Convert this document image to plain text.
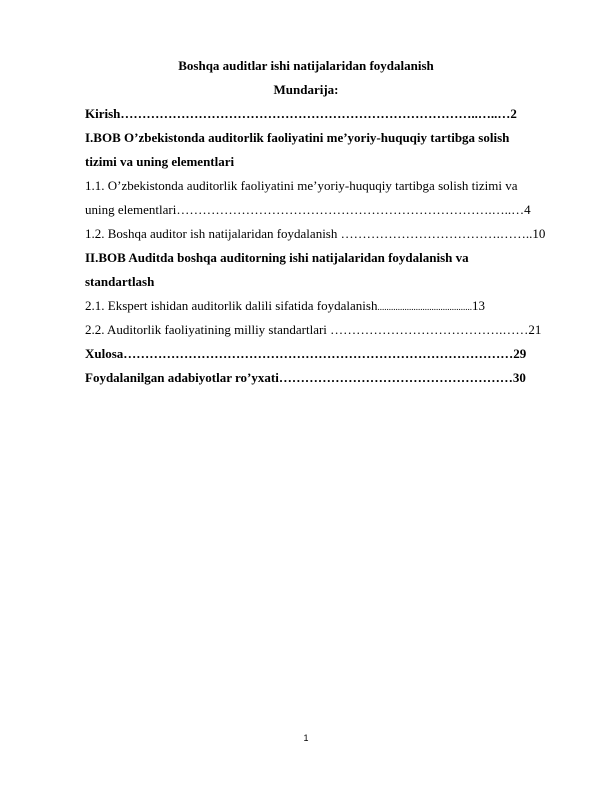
Boshqa auditlar ishi natijalaridan foydalanish
Mundarija:
Kirish………………………………………………………………………..…..…2
I.BOB O’zbekistonda auditorlik faoliyatini me’yoriy-huquqiy tartibga solish
tizimi va uning elementlari
1.1. O’zbekistonda auditorlik faoliyatini me’yoriy-huquqiy tartibga solish tizimi va
uning elementlari……………………………………………………………….…..…4
1.2. Boshqa auditor ish natijalaridan foydalanish ……………………………….……..10
II.BOB Auditda boshqa auditorning ishi natijalaridan foydalanish va
standartlash
2.1. Ekspert ishidan auditorlik dalili sifatida foydalanish..........................................13
2.2. Auditorlik faoliyatining milliy standartlari ………………………………….……21
Xulosa………………………………………………………………………………29
Foydalanilgan adabiyotlar ro’yxati………………………………………………30
1
